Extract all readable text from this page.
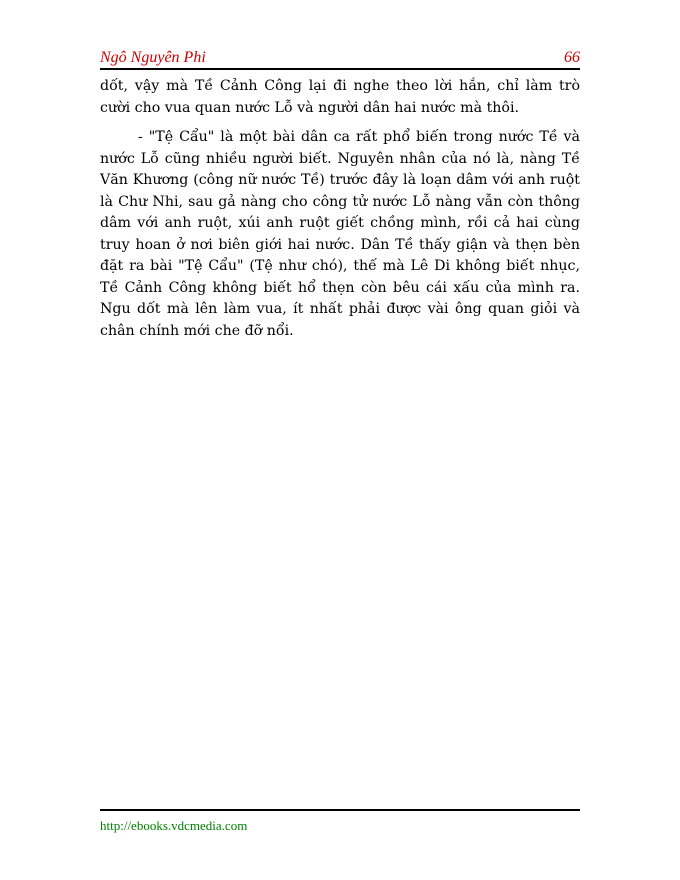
Ngô Nguyên Phi	66

dốt, vậy mà Tề Cảnh Công lại đi nghe theo lời hắn, chỉ làm trò cười cho vua quan nước Lỗ và người dân hai nước mà thôi.

- "Tệ Cẩu" là một bài dân ca rất phổ biến trong nước Tề và nước Lỗ cũng nhiều người biết. Nguyên nhân của nó là, nàng Tề Văn Khương (công nữ nước Tề) trước đây là loạn dâm với anh ruột là Chư Nhi, sau gả nàng cho công tử nước Lỗ nàng vẫn còn thông dâm với anh ruột, xúi anh ruột giết chồng mình, rồi cả hai cùng truy hoan ở nơi biên giới hai nước. Dân Tề thấy giận và thẹn bèn đặt ra bài "Tệ Cẩu" (Tệ như chó), thế mà Lê Di không biết nhục, Tề Cảnh Công không biết hổ thẹn còn bêu cái xấu của mình ra. Ngu dốt mà lên làm vua, ít nhất phải được vài ông quan giỏi và chân chính mới che đỡ nổi.

http://ebooks.vdcmedia.com
